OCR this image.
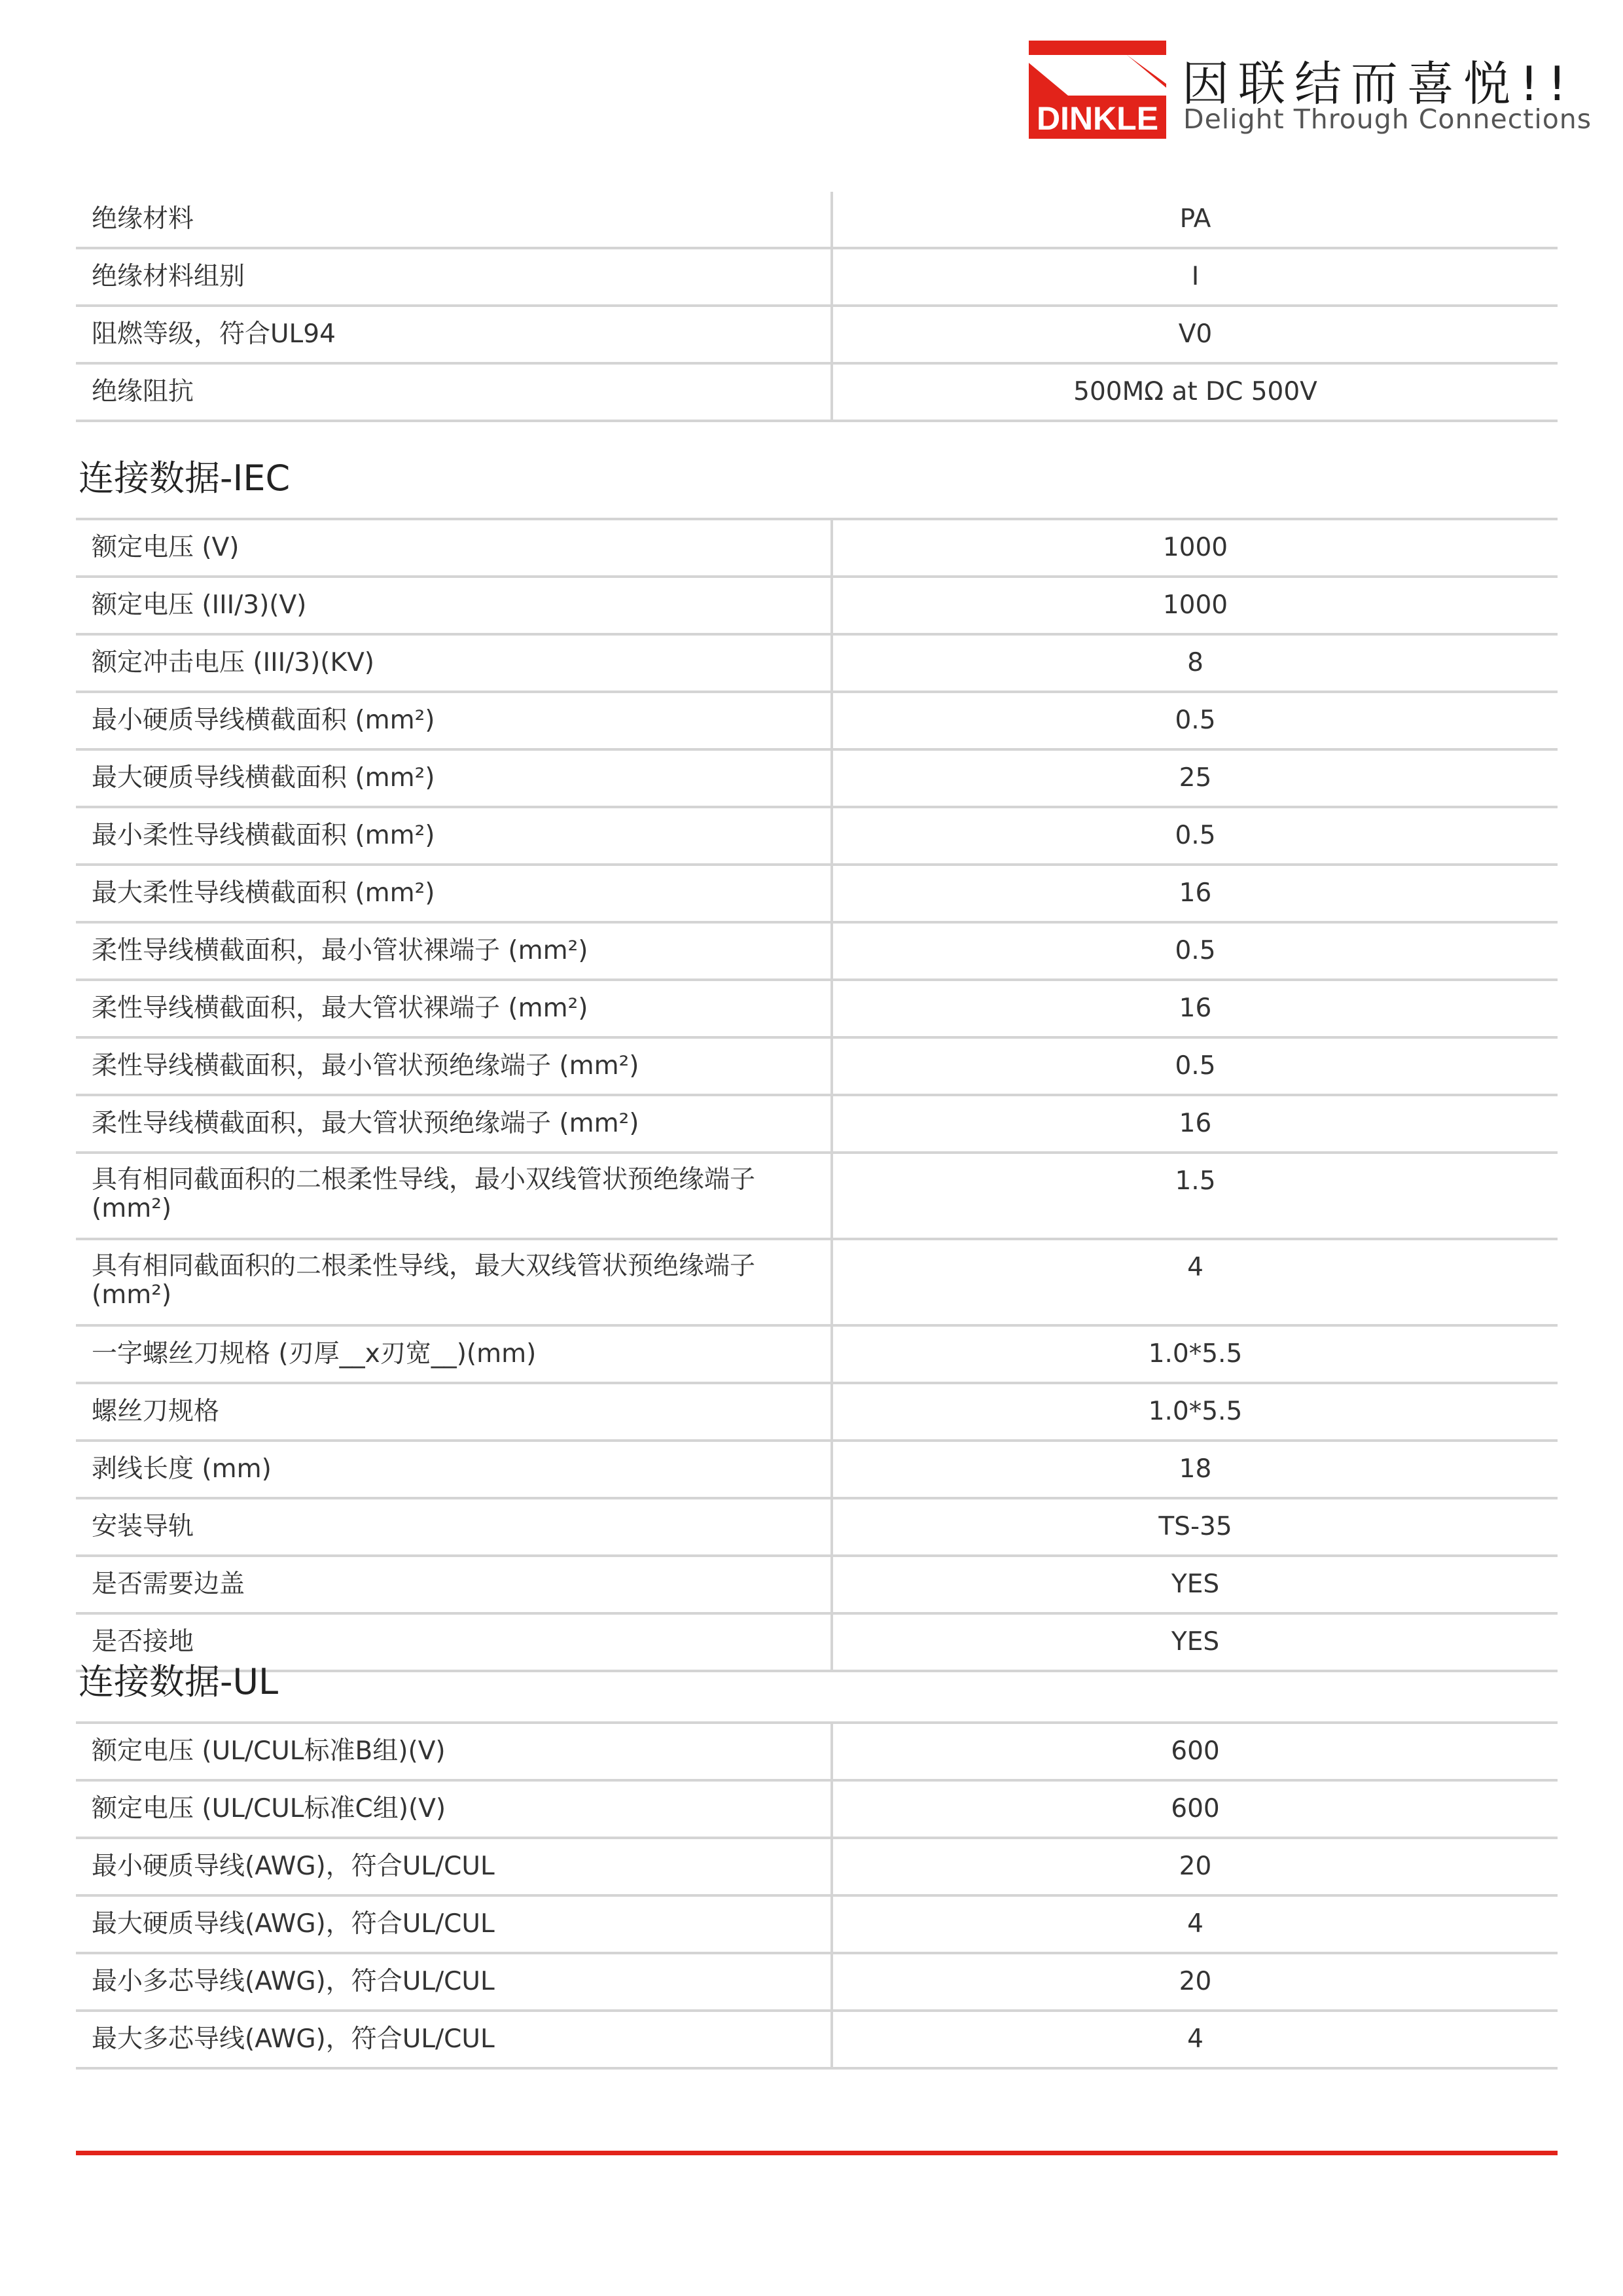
DINKLE
因联结而喜悦!!
Delight Through Connections
绝缘材料	PA
绝缘材料组别	I
阻燃等级，符合UL94	V0
绝缘阻抗	500MΩ at DC 500V
连接数据-IEC
额定电压 (V)	1000
额定电压 (III/3)(V)	1000
额定冲击电压 (III/3)(KV)	8
最小硬质导线横截面积 (mm²)	0.5
最大硬质导线横截面积 (mm²)	25
最小柔性导线横截面积 (mm²)	0.5
最大柔性导线横截面积 (mm²)	16
柔性导线横截面积，最小管状裸端子 (mm²)	0.5
柔性导线横截面积，最大管状裸端子 (mm²)	16
柔性导线横截面积，最小管状预绝缘端子 (mm²)	0.5
柔性导线横截面积，最大管状预绝缘端子 (mm²)	16
具有相同截面积的二根柔性导线，最小双线管状预绝缘端子 (mm²)	1.5
具有相同截面积的二根柔性导线，最大双线管状预绝缘端子 (mm²)	4
一字螺丝刀规格 (刃厚__x刃宽__)(mm)	1.0*5.5
螺丝刀规格	1.0*5.5
剥线长度 (mm)	18
安装导轨	TS-35
是否需要边盖	YES
是否接地	YES
连接数据-UL
额定电压 (UL/CUL标准B组)(V)	600
额定电压 (UL/CUL标准C组)(V)	600
最小硬质导线(AWG)，符合UL/CUL	20
最大硬质导线(AWG)，符合UL/CUL	4
最小多芯导线(AWG)，符合UL/CUL	20
最大多芯导线(AWG)，符合UL/CUL	4
